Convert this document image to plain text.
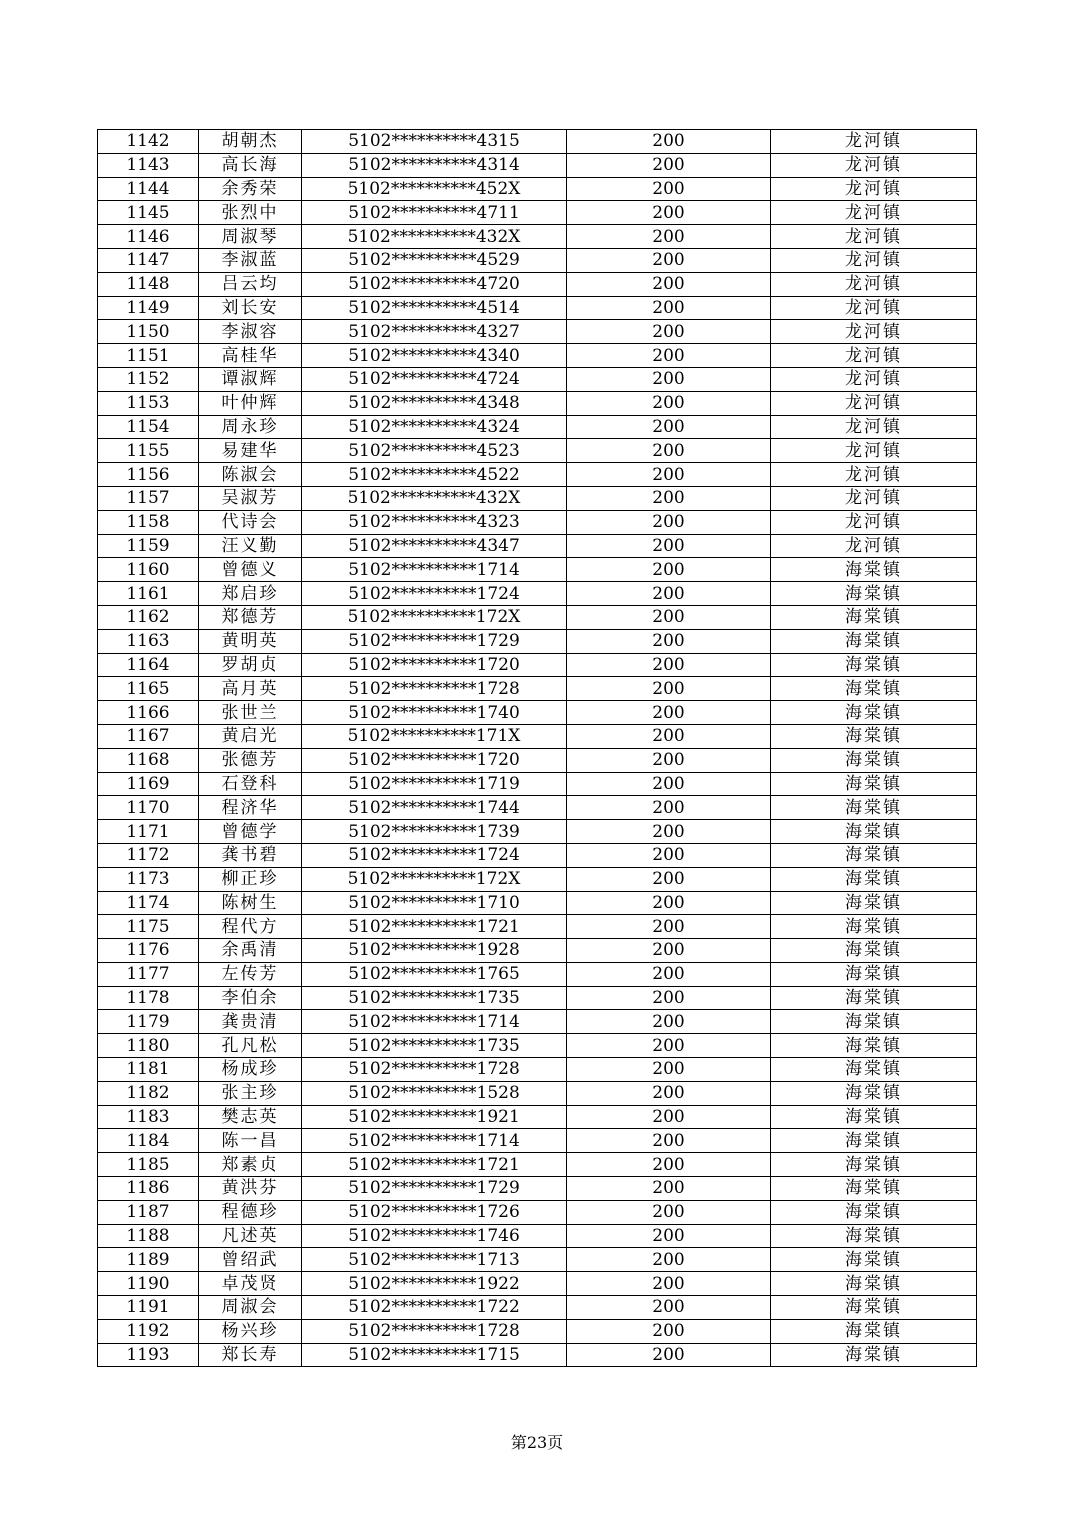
1142	胡朝杰	5102**********4315	200	龙河镇
1143	高长海	5102**********4314	200	龙河镇
1144	余秀荣	5102**********452X	200	龙河镇
1145	张烈中	5102**********4711	200	龙河镇
1146	周淑琴	5102**********432X	200	龙河镇
1147	李淑蓝	5102**********4529	200	龙河镇
1148	吕云均	5102**********4720	200	龙河镇
1149	刘长安	5102**********4514	200	龙河镇
1150	李淑容	5102**********4327	200	龙河镇
1151	高桂华	5102**********4340	200	龙河镇
1152	谭淑辉	5102**********4724	200	龙河镇
1153	叶仲辉	5102**********4348	200	龙河镇
1154	周永珍	5102**********4324	200	龙河镇
1155	易建华	5102**********4523	200	龙河镇
1156	陈淑会	5102**********4522	200	龙河镇
1157	吴淑芳	5102**********432X	200	龙河镇
1158	代诗会	5102**********4323	200	龙河镇
1159	汪义勤	5102**********4347	200	龙河镇
1160	曾德义	5102**********1714	200	海棠镇
1161	郑启珍	5102**********1724	200	海棠镇
1162	郑德芳	5102**********172X	200	海棠镇
1163	黄明英	5102**********1729	200	海棠镇
1164	罗胡贞	5102**********1720	200	海棠镇
1165	高月英	5102**********1728	200	海棠镇
1166	张世兰	5102**********1740	200	海棠镇
1167	黄启光	5102**********171X	200	海棠镇
1168	张德芳	5102**********1720	200	海棠镇
1169	石登科	5102**********1719	200	海棠镇
1170	程济华	5102**********1744	200	海棠镇
1171	曾德学	5102**********1739	200	海棠镇
1172	龚书碧	5102**********1724	200	海棠镇
1173	柳正珍	5102**********172X	200	海棠镇
1174	陈树生	5102**********1710	200	海棠镇
1175	程代方	5102**********1721	200	海棠镇
1176	余禹清	5102**********1928	200	海棠镇
1177	左传芳	5102**********1765	200	海棠镇
1178	李伯余	5102**********1735	200	海棠镇
1179	龚贵清	5102**********1714	200	海棠镇
1180	孔凡松	5102**********1735	200	海棠镇
1181	杨成珍	5102**********1728	200	海棠镇
1182	张主珍	5102**********1528	200	海棠镇
1183	樊志英	5102**********1921	200	海棠镇
1184	陈一昌	5102**********1714	200	海棠镇
1185	郑素贞	5102**********1721	200	海棠镇
1186	黄洪芬	5102**********1729	200	海棠镇
1187	程德珍	5102**********1726	200	海棠镇
1188	凡述英	5102**********1746	200	海棠镇
1189	曾绍武	5102**********1713	200	海棠镇
1190	卓茂贤	5102**********1922	200	海棠镇
1191	周淑会	5102**********1722	200	海棠镇
1192	杨兴珍	5102**********1728	200	海棠镇
1193	郑长寿	5102**********1715	200	海棠镇
第23页
